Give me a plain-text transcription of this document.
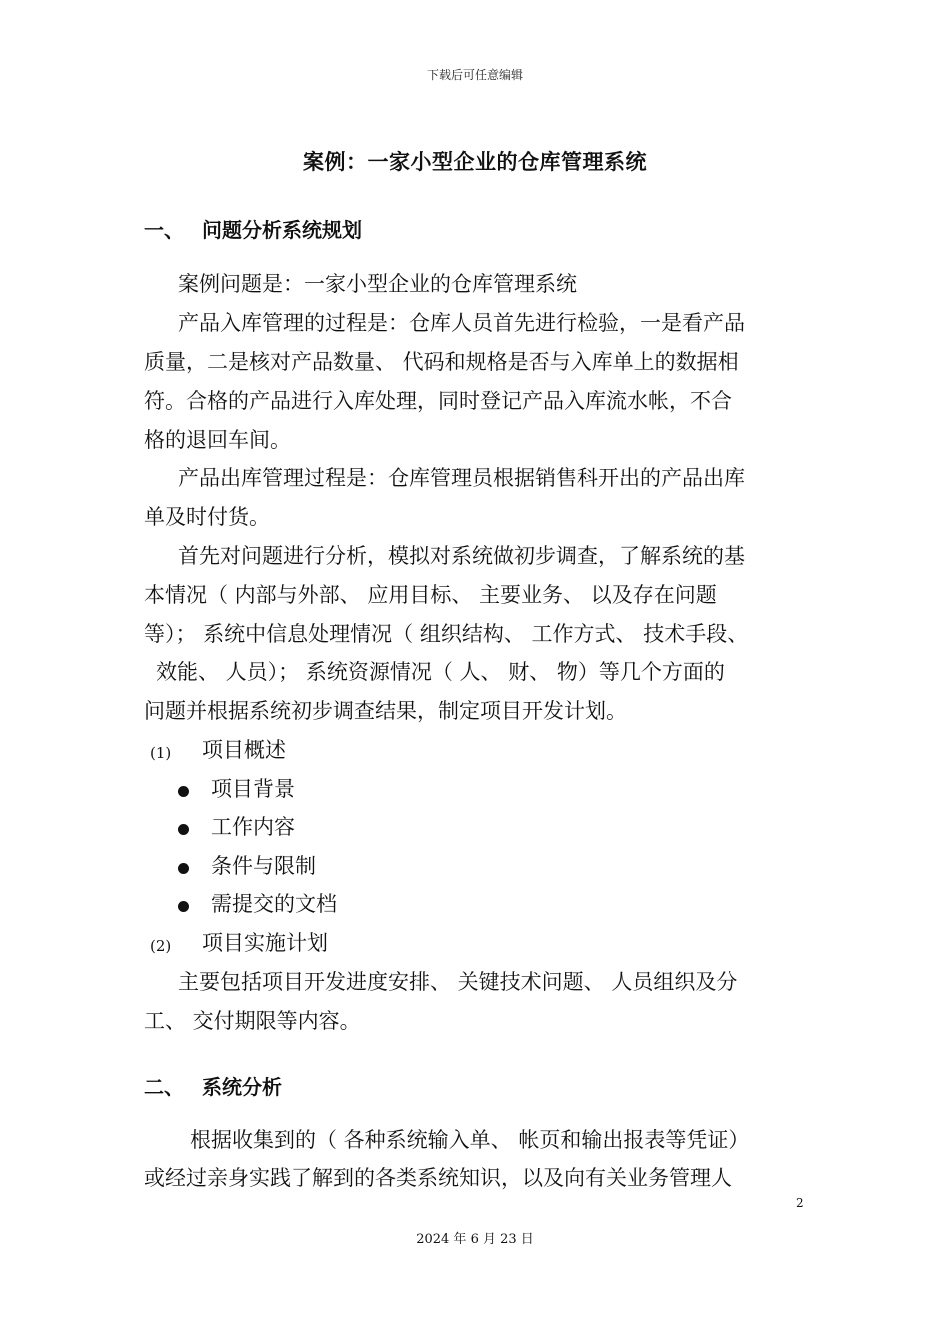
下载后可任意编辑
案例：一家小型企业的仓库管理系统
一、 问题分析系统规划
案例问题是：一家小型企业的仓库管理系统
产品入库管理的过程是：仓库人员首先进行检验，一是看产品
质量，二是核对产品数量、 代码和规格是否与入库单上的数据相
符。合格的产品进行入库处理，同时登记产品入库流水帐，不合
格的退回车间。
产品出库管理过程是：仓库管理员根据销售科开出的产品出库
单及时付货。
首先对问题进行分析，模拟对系统做初步调查，了解系统的基
本情况（ 内部与外部、 应用目标、 主要业务、 以及存在问题
等）； 系统中信息处理情况（ 组织结构、 工作方式、 技术手段、
效能、 人员）； 系统资源情况（ 人、 财、 物）等几个方面的
问题并根据系统初步调查结果，制定项目开发计划。
(1) 项目概述
项目背景
工作内容
条件与限制
需提交的文档
(2) 项目实施计划
主要包括项目开发进度安排、 关键技术问题、 人员组织及分
工、 交付期限等内容。
二、 系统分析
根据收集到的（ 各种系统输入单、 帐页和输出报表等凭证）
或经过亲身实践了解到的各类系统知识，以及向有关业务管理人
2
2024 年 6 月 23 日
